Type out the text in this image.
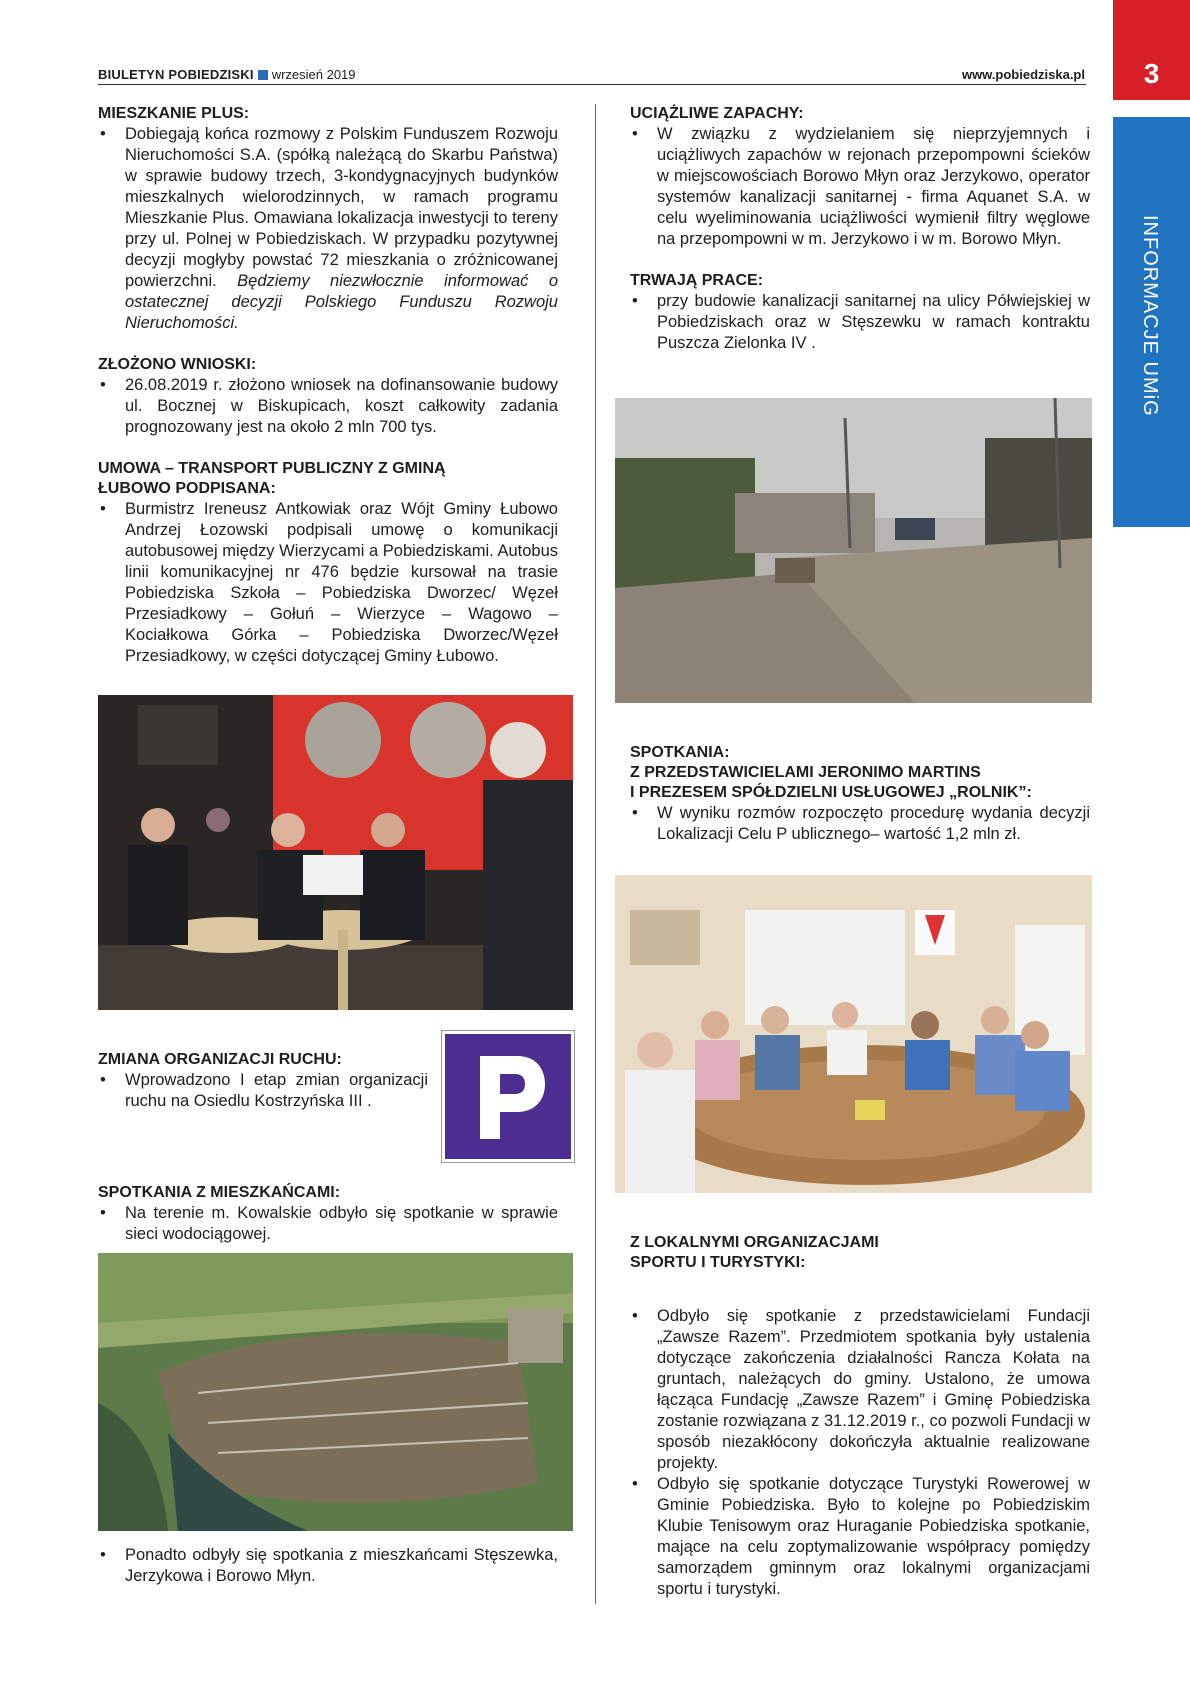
BIULETYN POBIEDZISKI wrzesień 2019	www.pobiedziska.pl	3
INFORMACJE UMiG
MIESZKANIE PLUS:
• Dobiegają końca rozmowy z Polskim Funduszem Rozwoju Nieruchomości S.A. (spółką należącą do Skarbu Państwa) w sprawie budowy trzech, 3-kondygnacyjnych budynków mieszkalnych wielorodzinnych, w ramach programu Mieszkanie Plus. Omawiana lokalizacja inwestycji to tereny przy ul. Polnej w Pobiedziskach. W przypadku pozytywnej decyzji mogłyby powstać 72 mieszkania o zróżnicowanej powierzchni. Będziemy niezwłocznie informować o ostatecznej decyzji Polskiego Funduszu Rozwoju Nieruchomości.
ZŁOŻONO WNIOSKI:
• 26.08.2019 r. złożono wniosek na dofinansowanie budowy ul. Bocznej w Biskupicach, koszt całkowity zadania prognozowany jest na około 2 mln 700 tys.
UMOWA – TRANSPORT PUBLICZNY Z GMINĄ
ŁUBOWO PODPISANA:
• Burmistrz Ireneusz Antkowiak oraz Wójt Gminy Łubowo Andrzej Łozowski podpisali umowę o komunikacji autobusowej między Wierzycami a Pobiedziskami. Autobus linii komunikacyjnej nr 476 będzie kursował na trasie Pobiedziska Szkoła – Pobiedziska Dworzec/ Węzeł Przesiadkowy – Gołuń – Wierzyce – Wagowo – Kociałkowa Górka – Pobiedziska Dworzec/Węzeł Przesiadkowy, w części dotyczącej Gminy Łubowo.
ZMIANA ORGANIZACJI RUCHU:
• Wprowadzono I etap zmian organizacji ruchu na Osiedlu Kostrzyńska III .
SPOTKANIA Z MIESZKAŃCAMI:
• Na terenie m. Kowalskie odbyło się spotkanie w sprawie sieci wodociągowej.
• Ponadto odbyły się spotkania z mieszkańcami Stęszewka, Jerzykowa i Borowo Młyn.
UCIĄŻLIWE ZAPACHY:
• W związku z wydzielaniem się nieprzyjemnych i uciążliwych zapachów w rejonach przepompowni ścieków w miejscowościach Borowo Młyn oraz Jerzykowo, operator systemów kanalizacji sanitarnej - firma Aquanet S.A. w celu wyeliminowania uciążliwości wymienił filtry węglowe na przepompowni w m. Jerzykowo i w m. Borowo Młyn.
TRWAJĄ PRACE:
• przy budowie kanalizacji sanitarnej na ulicy Półwiejskiej w Pobiedziskach oraz w Stęszewku w ramach kontraktu Puszcza Zielonka IV .
SPOTKANIA:
Z PRZEDSTAWICIELAMI JERONIMO MARTINS
I PREZESEM SPÓŁDZIELNI USŁUGOWEJ „ROLNIK”:
• W wyniku rozmów rozpoczęto procedurę wydania decyzji Lokalizacji Celu P ublicznego– wartość 1,2 mln zł.
Z LOKALNYMI ORGANIZACJAMI
SPORTU I TURYSTYKI:
• Odbyło się spotkanie z przedstawicielami Fundacji „Zawsze Razem”. Przedmiotem spotkania były ustalenia dotyczące zakończenia działalności Rancza Kołata na gruntach, należących do gminy. Ustalono, że umowa łącząca Fundację „Zawsze Razem” i Gminę Pobiedziska zostanie rozwiązana z 31.12.2019 r., co pozwoli Fundacji w sposób niezakłócony dokończyła aktualnie realizowane projekty.
• Odbyło się spotkanie dotyczące Turystyki Rowerowej w Gminie Pobiedziska. Było to kolejne po Pobiedziskim Klubie Tenisowym oraz Huraganie Pobiedziska spotkanie, mające na celu zoptymalizowanie współpracy pomiędzy samorządem gminnym oraz lokalnymi organizacjami sportu i turystyki.
